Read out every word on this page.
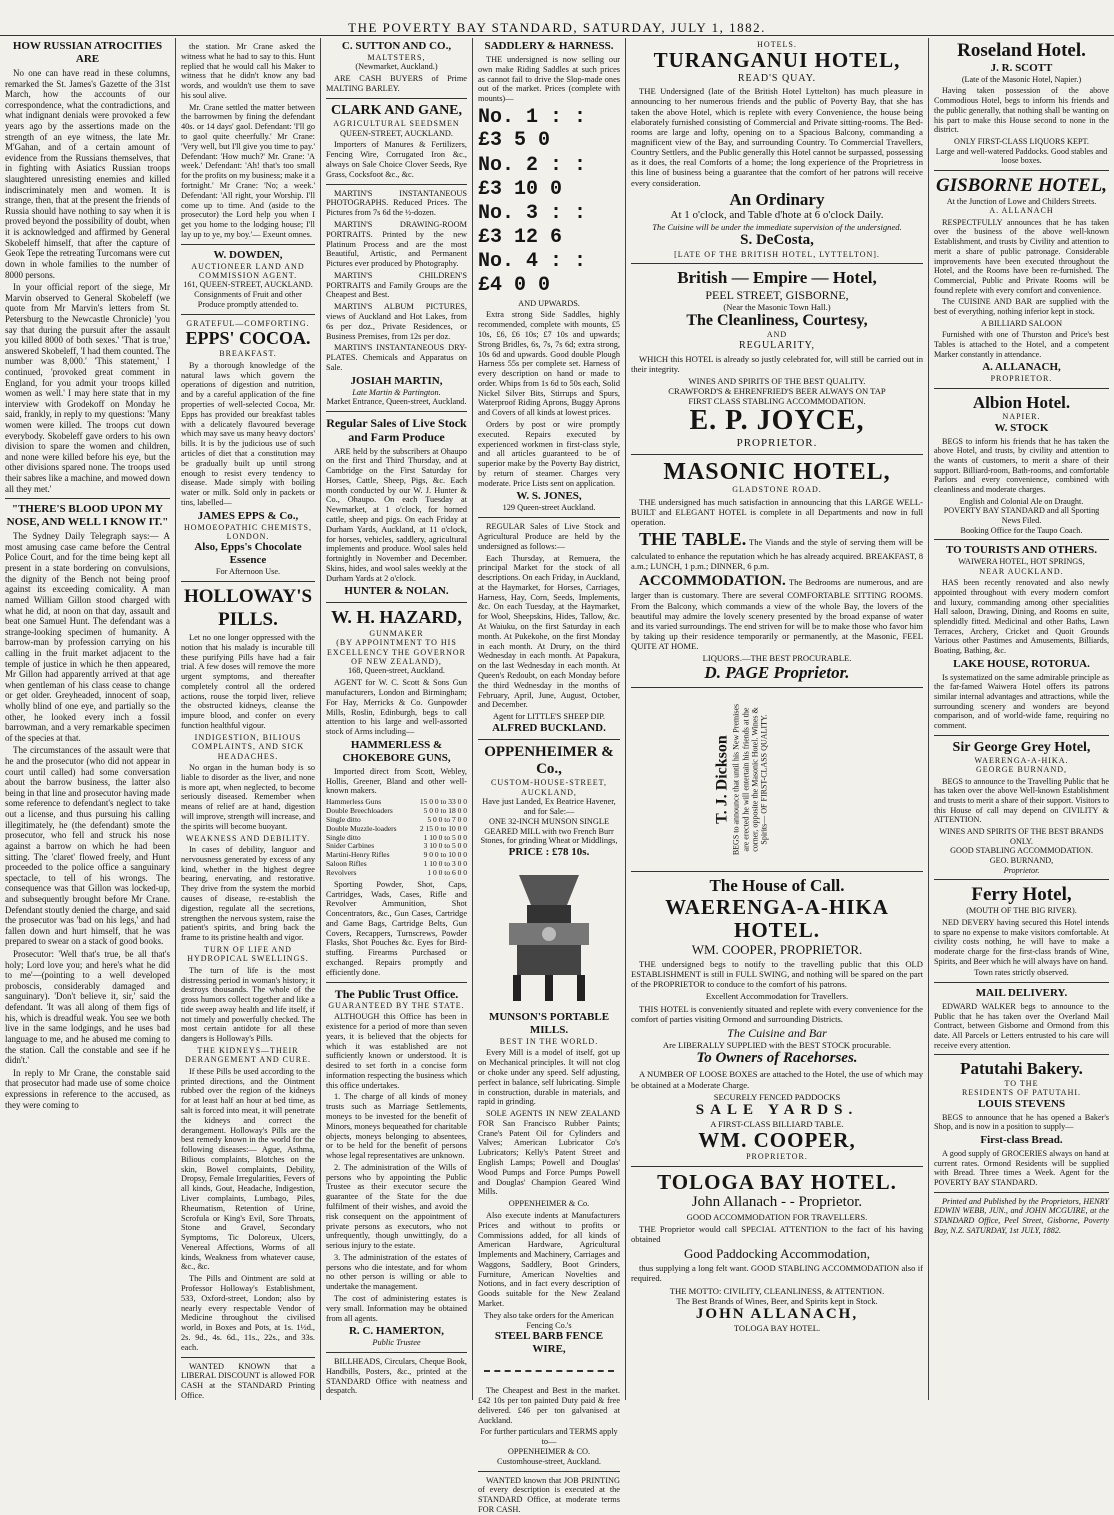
THE POVERTY BAY STANDARD, SATURDAY, JULY 1, 1882.
HOW RUSSIAN ATROCITIES ARE

No one can have read in these columns, remarked the St. James's Gazette of the 31st March, how the accounts of our correspondence, what the contradictions, and what indignant denials were provoked a few years ago by the assertions made on the strength of an eye witness, the late Mr. M'Gahan, and of a certain amount of evidence from the Russians themselves, that in fighting with Asiatics Russian troops slaughtered unresisting enemies and killed indiscriminately men and women. It is strange, then, that at the present the friends of Russia should have nothing to say when it is proved beyond the possibility of doubt, when it is acknowledged and affirmed by General Skobeleff himself, that after the capture of Geok Tepe the retreating Turcomans were cut down in whole families to the number of 8000 persons.

In your official report of the siege, Mr Marvin observed to General Skobeleff (we quote from Mr Marvin's letters from St. Petersburg to the Newcastle Chronicle) 'you say that during the pursuit after the assault you killed 8000 of both sexes.' 'That is true,' answered Skobeleff, 'I had them counted. The number was 8,000.' 'This statement,' I continued, 'provoked great comment in England, for you admit your troops killed women as well.' I may here state that in my interview with Grodekoff on Monday he said, frankly, in reply to my questions: 'Many women were killed. The troops cut down everybody. Skobeleff gave orders to his own division to spare the women and children, and none were killed before his eye, but the other divisions spared none. The troops used their sabres like a machine, and mowed down all they met.'

"THERE'S BLOOD UPON MY NOSE, AND WELL I KNOW IT."

The Sydney Daily Telegraph says:— A most amusing case came before the Central Police Court, and for the time being kept all present in a state bordering on convulsions, the dignity of the Bench not being proof against its exceeding comicality. A man named William Gillon stood charged with what he did, at noon on that day, assault and beat one Samuel Hunt. The defendant was a strange-looking specimen of humanity. A barrow-man by profession carrying on his calling in the fruit market adjacent to the temple of justice in which he then appeared, Mr Gillon had apparently arrived at that age when gentleman of his class cease to change or get older. Greyheaded, innocent of soap, wholly blind of one eye, and partially so the other, he looked every inch a fossil barrowman, and a very remarkable specimen of the species at that.

The circumstances of the assault were that he and the prosecutor (who did not appear in court until called) had some conversation about the barrow business, the latter also being in that line and prosecutor having made some reference to defendant's neglect to take out a license, and thus pursuing his calling illegitimately, he (the defendant) smote the prosecutor, who fell and struck his nose against a barrow on which he had been sitting. The 'claret' flowed freely, and Hunt proceeded to the police office a sanguinary spectacle, to tell of his wrongs. The consequence was that Gillon was locked-up, and subsequently brought before Mr Crane. Defendant stoutly denied the charge, and said the prosecutor was 'bad on his legs,' and had fallen down and hurt himself, that he was prepared to swear on a stack of good books.

Prosecutor: 'Well that's true, be all that's holy; Lord love you; and here's what he did to me'—(pointing to a well developed proboscis, considerably damaged and sanguinary). 'Don't believe it, sir,' said the defendant. 'It was all along of them figs of his, which is dreadful weak. You see we both live in the same lodgings, and he uses bad language to me, and he abused me coming to the station. Call the constable and see if he didn't.'

In reply to Mr Crane, the constable said that prosecutor had made use of some choice expressions in reference to the accused, as they were coming to

the station. Mr Crane asked the witness what he had to say to this. Hunt replied that he would call his Maker to witness that he didn't know any bad words, and wouldn't use them to save his soul alive.

Mr. Crane settled the matter between the barrowmen by fining the defendant 40s. or 14 days' gaol. Defendant: 'I'll go to gaol quite cheerfully.' Mr Crane: 'Very well, but I'll give you time to pay.' Defendant: 'How much?' Mr. Crane: 'A week.' Defendant: 'Ah! that's too small for the profits on my business; make it a fortnight.' Mr Crane: 'No; a week.' Defendant: 'All right, your Worship. I'll come up to time. And (aside to the prosecutor) the Lord help you when I get you home to the lodging house; I'll lay up to ye, my boy.'— Exeunt omnes.

W. DOWDEN,
AUCTIONEER LAND AND COMMISSION AGENT.
161, QUEEN-STREET, AUCKLAND.
Consignments of Fruit and other Produce promptly attended to.
GRATEFUL—COMFORTING.
EPPS' COCOA.
BREAKFAST.

By a thorough knowledge of the natural laws which govern the operations of digestion and nutrition, and by a careful application of the fine properties of well-selected Cocoa, Mr. Epps has provided our breakfast tables with a delicately flavoured beverage which may save us many heavy doctors' bills. It is by the judicious use of such articles of diet that a constitution may be gradually built up until strong enough to resist every tendency to disease. Made simply with boiling water or milk. Sold only in packets or tins, labelled—

JAMES EPPS & Co.,
HOMOEOPATHIC CHEMISTS, LONDON.
Also, Epps's Chocolate Essence
For Afternoon Use.
HOLLOWAY'S PILLS.

Let no one longer oppressed with the notion that his malady is incurable till these purifying Pills have had a fair trial. A few doses will remove the more urgent symptoms, and thereafter completely control all the ordered actions, rouse the torpid liver, relieve the obstructed kidneys, cleanse the impure blood, and confer on every function healthful vigour.

INDIGESTION, BILIOUS COMPLAINTS, AND SICK HEADACHES.

No organ in the human body is so liable to disorder as the liver, and none is more apt, when neglected, to become seriously diseased. Remember when means of relief are at hand, digestion will improve, strength will increase, and the spirits will become buoyant.

WEAKNESS AND DEBILITY.

In cases of debility, languor and nervousness generated by excess of any kind, whether in the highest degree bearing, enervating, and restorative. They drive from the system the morbid causes of disease, re-establish the digestion, regulate all the secretions, strengthen the nervous system, raise the patient's spirits, and bring back the frame to its pristine health and vigor.

TURN OF LIFE AND HYDROPICAL SWELLINGS.

The turn of life is the most distressing period in woman's history; it destroys thousands. The whole of the gross humors collect together and like a tide sweep away health and life itself, if not timely and powerfully checked. The most certain antidote for all these dangers is Holloway's Pills.

THE KIDNEYS—THEIR DERANGEMENT AND CURE.

If these Pills be used according to the printed directions, and the Ointment rubbed over the region of the kidneys for at least half an hour at bed time, as salt is forced into meat, it will penetrate the kidneys and correct the derangement. Holloway's Pills are the best remedy known in the world for the following diseases:— Ague, Asthma, Bilious complaints, Blotches on the skin, Bowel complaints, Debility, Dropsy, Female Irregularities, Fevers of all kinds, Gout, Headache, Indigestion, Liver complaints, Lumbago, Piles, Rheumatism, Retention of Urine, Scrofula or King's Evil, Sore Throats, Stone and Gravel, Secondary Symptoms, Tic Doloreux, Ulcers, Venereal Affections, Worms of all kinds, Weakness from whatever cause, &c., &c.

The Pills and Ointment are sold at Professor Holloway's Establishment, 533, Oxford-street, London; also by nearly every respectable Vendor of Medicine throughout the civilised world, in Boxes and Pots, at 1s. 1½d., 2s. 9d., 4s. 6d., 11s., 22s., and 33s. each.

WANTED KNOWN that a LIBERAL DISCOUNT is allowed FOR CASH at the STANDARD Printing Office.

C. SUTTON AND CO.,
MALTSTERS,
(Newmarket, Auckland.)

ARE CASH BUYERS of Prime MALTING BARLEY.

CLARK AND GANE,
AGRICULTURAL SEEDSMEN
QUEEN-STREET, AUCKLAND.

Importers of Manures & Fertilizers, Fencing Wire, Corrugated Iron &c., always on Sale Choice Clover Seeds, Rye Grass, Cocksfoot &c., &c.

MARTIN'S INSTANTANEOUS PHOTOGRAPHS. Reduced Prices. The Pictures from 7s 6d the ½-dozen.

MARTIN'S DRAWING-ROOM PORTRAITS. Printed by the new Platinum Process and are the most Beautiful, Artistic, and Permanent Pictures ever produced by Photography.

MARTIN'S CHILDREN'S PORTRAITS and Family Groups are the Cheapest and Best.

MARTIN'S ALBUM PICTURES, views of Auckland and Hot Lakes, from 6s per doz., Private Residences, or Business Premises, from 12s per doz.

MARTIN'S INSTANTANEOUS DRY-PLATES. Chemicals and Apparatus on Sale.

JOSIAH MARTIN,
Late Martin & Partington.
Market Entrance, Queen-street, Auckland.
Regular Sales of Live Stock and Farm Produce

ARE held by the subscribers at Ohaupo on the first and Third Thursday, and at Cambridge on the First Saturday for Horses, Cattle, Sheep, Pigs, &c. Each month conducted by our W. J. Hunter & Co., Ohaupo. On each Tuesday at Newmarket, at 1 o'clock, for horned cattle, sheep and pigs. On each Friday at Durham Yards, Auckland, at 11 o'clock, for horses, vehicles, saddlery, agricultural implements and produce. Wool sales held fortnightly in November and December. Skins, hides, and wool sales weekly at the Durham Yards at 2 o'clock.

HUNTER & NOLAN.
W. H. HAZARD,
GUNMAKER
(BY APPOINTMENT TO HIS EXCELLENCY THE GOVERNOR OF NEW ZEALAND),
168, Queen-street, Auckland.

AGENT for W. C. Scott & Sons Gun manufacturers, London and Birmingham; For Hay, Merricks & Co. Gunpowder Mills, Roslin, Edinburgh, begs to call attention to his large and well-assorted stock of Arms including—

HAMMERLESS & CHOKEBORE GUNS,

Imported direct from Scott, Webley, Hollis, Greener, Bland and other well-known makers.

Hammerless Guns	15 0 0 to 33 0 0
Double Breechloaders	5 0 0 to 18 0 0
Single ditto	5 0 0 to 7 0 0
Double Muzzle-loaders	2 15 0 to 10 0 0
Single ditto	1 10 0 to 5 0 0
Snider Carbines	3 10 0 to 5 0 0
Martini-Henry Rifles	9 0 0 to 10 0 0
Saloon Rifles	1 10 0 to 3 0 0
Revolvers	1 0 0 to 6 0 0

Sporting Powder, Shot, Caps, Cartridges, Wads, Cases, Rifle and Revolver Ammunition, Shot Concentrators, &c., Gun Cases, Cartridge and Game Bags, Cartridge Belts, Gun Covers, Recappers, Turnscrews, Powder Flasks, Shot Pouches &c. Eyes for Bird-stuffing. Firearms Purchased or exchanged. Repairs promptly and efficiently done.

The Public Trust Office.
GUARANTEED BY THE STATE.

ALTHOUGH this Office has been in existence for a period of more than seven years, it is believed that the objects for which it was established are not sufficiently known or understood. It is desired to set forth in a concise form information respecting the business which this office undertakes.

1. The charge of all kinds of money trusts such as Marriage Settlements, moneys to be invested for the benefit of Minors, moneys bequeathed for charitable objects, moneys belonging to absentees, or to be held for the benefit of persons whose legal representatives are unknown.

2. The administration of the Wills of persons who by appointing the Public Trustee as their executor secure the guarantee of the State for the due fulfilment of their wishes, and avoid the risk consequent on the appointment of private persons as executors, who not unfrequently, though unwittingly, do a serious injury to the estate.

3. The administration of the estates of persons who die intestate, and for whom no other person is willing or able to undertake the management.

The cost of administering estates is very small. Information may be obtained from all agents.

R. C. HAMERTON,
Public Trustee

BILLHEADS, Circulars, Cheque Book, Handbills, Posters, &c., printed at the STANDARD Office with neatness and despatch.

SADDLERY & HARNESS.

THE undersigned is now selling our own make Riding Saddles at such prices as cannot fail to drive the Slop-made ones out of the market. Prices (complete with mounts)—

No. 1 : : £3 5 0
No. 2 : : £3 10 0
No. 3 : : £3 12 6
No. 4 : : £4 0 0
AND UPWARDS.

Extra strong Side Saddles, highly recommended, complete with mounts, £5 10s, £6, £6 10s; £7 10s and upwards; Strong Bridles, 6s, 7s, 7s 6d; extra strong, 10s 6d and upwards. Good double Plough Harness 55s per complete set. Harness of every description on hand or made to order. Whips from 1s 6d to 50s each, Solid Nickel Silver Bits, Stirrups and Spurs, Waterproof Riding Aprons, Buggy Aprons and Covers of all kinds at lowest prices.

Orders by post or wire promptly executed. Repairs executed by experienced workmen in first-class style, and all articles guaranteed to be of superior make by the Poverty Bay district, by return of steamer. Charges very moderate. Price Lists sent on application.

W. S. JONES,
129 Queen-street Auckland.

REGULAR Sales of Live Stock and Agricultural Produce are held by the undersigned as follows:—

Each Thursday, at Remuera, the principal Market for the stock of all descriptions. On each Friday, in Auckland, at the Haymarket, for Horses, Carriages, Harness, Hay, Corn, Seeds, Implements, &c. On each Tuesday, at the Haymarket, for Wool, Sheepskins, Hides, Tallow, &c. At Waiuku, on the first Saturday in each month. At Pukekohe, on the first Monday in each month. At Drury, on the third Wednesday in each month. At Papakura, on the last Wednesday in each month. At Queen's Redoubt, on each Monday before the third Wednesday in the months of February, April, June, August, October, and December.

Agent for LITTLE'S SHEEP DIP.
ALFRED BUCKLAND.
OPPENHEIMER & Co.,
CUSTOM-HOUSE-STREET,
AUCKLAND,
Have just Landed, Ex Beatrice Havener, and for Sale:—
ONE 32-INCH MUNSON SINGLE GEARED MILL with two French Burr Stones, for grinding Wheat or Middlings,
PRICE : £78 10s.
MUNSON'S PORTABLE MILLS.
BEST IN THE WORLD.

Every Mill is a model of itself, got up on Mechanical principles. It will not clog or choke under any speed. Self adjusting, perfect in balance, self lubricating. Simple in construction, durable in materials, and rapid in grinding.

SOLE AGENTS IN NEW ZEALAND FOR San Francisco Rubber Paints; Crane's Patent Oil for Cylinders and Valves; American Lubricator Co's Lubricators; Kelly's Patent Street and English Lamps; Powell and Douglas' Wood Pumps and Force Pumps Powell and Douglas' Champion Geared Wind Mills.

OPPENHEIMER & Co.

Also execute indents at Manufacturers Prices and without to profits or Commissions added, for all kinds of American Hardware, Agricultural Implements and Machinery, Carriages and Waggons, Saddlery, Boot Grinders, Furniture, American Novelties and Notions, and in fact every description of Goods suitable for the New Zealand Market.

They also take orders for the American Fencing Co.'s
STEEL BARB FENCE WIRE,

The Cheapest and Best in the market. £42 10s per ton painted Duty paid & free delivered. £46 per ton galvanised at Auckland.

For further particulars and TERMS apply to—
OPPENHEIMER & CO.
Customhouse-street, Auckland.

WANTED known that JOB PRINTING of every description is executed at the STANDARD Office, at moderate terms FOR CASH.

HOTELS.
TURANGANUI HOTEL,
READ'S QUAY.

THE Undersigned (late of the British Hotel Lyttelton) has much pleasure in announcing to her numerous friends and the public of Poverty Bay, that she has taken the above Hotel, which is replete with every Convenience, the house being elaborately furnished consisting of Commercial and Private sitting-rooms. The Bed-rooms are large and lofty, opening on to a Spacious Balcony, commanding a magnificent view of the Bay, and surrounding Country. To Commercial Travellers, Country Settlers, and the Public generally this Hotel cannot be surpassed, possessing as it does, the real Comforts of a home; the long experience of the Proprietress in this line of business being a guarantee that the comfort of her patrons will receive every consideration.

An Ordinary
At 1 o'clock, and Table d'hote at 6 o'clock Daily.
The Cuisine will be under the immediate supervision of the undersigned.
S. DeCosta,
[LATE OF THE BRITISH HOTEL, LYTTELTON].
British — Empire — Hotel,
PEEL STREET, GISBORNE,
(Near the Masonic Town Hall.)
The Cleanliness, Courtesy,
AND
REGULARITY,

WHICH this HOTEL is already so justly celebrated for, will still be carried out in their integrity.

WINES AND SPIRITS OF THE BEST QUALITY.
CRAWFORD'S & EHRENFRIED'S BEER ALWAYS ON TAP
FIRST CLASS STABLING ACCOMMODATION.
E. P. JOYCE,
PROPRIETOR.
MASONIC HOTEL,
GLADSTONE ROAD.

THE undersigned has much satisfaction in announcing that this LARGE WELL-BUILT and ELEGANT HOTEL is complete in all Departments and now in full operation.

THE TABLE. The Viands and the style of serving them will be calculated to enhance the reputation which he has already acquired. BREAKFAST, 8 a.m.; LUNCH, 1 p.m.; DINNER, 6 p.m.

ACCOMMODATION. The Bedrooms are numerous, and are larger than is customary. There are several COMFORTABLE SITTING ROOMS. From the Balcony, which commands a view of the whole Bay, the lovers of the beautiful may admire the lovely scenery presented by the broad expanse of water and its varied surroundings. The end striven for will be to make those who favor him by taking up their residence temporarily or permanently, at the Masonic, FEEL QUITE AT HOME.

LIQUORS.—THE BEST PROCURABLE.
D. PAGE Proprietor.
T. J. Dickson BEGS to announce that until his New Premises are erected he will entertain his friends at the corner, opposite the Masonic Hotel. Wines & Spirits— OF FIRST-CLASS QUALITY.
The House of Call.
WAERENGA-A-HIKA HOTEL.
WM. COOPER, PROPRIETOR.

THE undersigned begs to notify to the travelling public that this OLD ESTABLISHMENT is still in FULL SWING, and nothing will be spared on the part of the PROPRIETOR to conduce to the comfort of his patrons.

Excellent Accommodation for Travellers.

THIS HOTEL is conveniently situated and replete with every convenience for the comfort of parties visiting Ormond and surrounding Districts.

The Cuisine and Bar
Are LIBERALLY SUPPLIED with the BEST STOCK procurable.
To Owners of Racehorses.

A NUMBER OF LOOSE BOXES are attached to the Hotel, the use of which may be obtained at a Moderate Charge.

SECURELY FENCED PADDOCKS
SALE YARDS.
A FIRST-CLASS BILLIARD TABLE.
WM. COOPER,
PROPRIETOR.
TOLOGA BAY HOTEL.
John Allanach - - Proprietor.
GOOD ACCOMMODATION FOR TRAVELLERS.

THE Proprietor would call SPECIAL ATTENTION to the fact of his having obtained

Good Paddocking Accommodation,

thus supplying a long felt want. GOOD STABLING ACCOMMODATION also if required.

THE MOTTO: CIVILITY, CLEANLINESS, & ATTENTION.
The Best Brands of Wines, Beer, and Spirits kept in Stock.
JOHN ALLANACH,
TOLOGA BAY HOTEL.
Roseland Hotel.
J. R. SCOTT
(Late of the Masonic Hotel, Napier.)

Having taken possession of the above Commodious Hotel, begs to inform his friends and the public generally, that nothing shall be wanting on his part to make this House second to none in the district.

ONLY FIRST-CLASS LIQUORS KEPT.
Large and well-watered Paddocks. Good stables and loose boxes.
GISBORNE HOTEL,
At the Junction of Lowe and Childers Streets.
A. ALLANACH

RESPECTFULLY announces that he has taken over the business of the above well-known Establishment, and trusts by Civility and attention to merit a share of public patronage. Considerable improvements have been executed throughout the Hotel, and the Rooms have been re-furnished. The Commercial, Public and Private Rooms will be found replete with every comfort and convenience.

The CUISINE AND BAR are supplied with the best of everything, nothing inferior kept in stock.

A BILLIARD SALOON

Furnished with one of Thurston and Price's best Tables is attached to the Hotel, and a competent Marker constantly in attendance.

A. ALLANACH,
PROPRIETOR.
Albion Hotel.
NAPIER.
W. STOCK

BEGS to inform his friends that he has taken the above Hotel, and trusts, by civility and attention to the wants of customers, to merit a share of their support. Billiard-room, Bath-rooms, and comfortable Parlors and every convenience, combined with cleanliness and moderate charges.

English and Colonial Ale on Draught.
POVERTY BAY STANDARD and all Sporting News Filed.
Booking Office for the Taupo Coach.
TO TOURISTS AND OTHERS.
WAIWERA HOTEL, HOT SPRINGS,
NEAR AUCKLAND.

HAS been recently renovated and also newly appointed throughout with every modern comfort and luxury, commanding among other specialities Hall saloon, Drawing, Dining, and Rooms en suite, splendidly fitted. Medicinal and other Baths, Lawn Terraces, Archery, Cricket and Quoit Grounds Various other Pastimes and Amusements, Billiards, Boating, Bathing, &c.

LAKE HOUSE, ROTORUA.

Is systematized on the same admirable principle as the far-famed Waiwera Hotel offers its patrons similar internal advantages and attractions, while the surrounding scenery and wonders are beyond comparison, and of world-wide fame, requiring no comment.

Sir George Grey Hotel,
WAERENGA-A-HIKA.
GEORGE BURNAND,

BEGS to announce to the Travelling Public that he has taken over the above Well-known Establishment and trusts to merit a share of their support. Visitors to this House of call may depend on CIVILITY & ATTENTION.

WINES AND SPIRITS OF THE BEST BRANDS ONLY.
GOOD STABLING ACCOMMODATION.
GEO. BURNAND,
Proprietor.
Ferry Hotel,
(MOUTH OF THE BIG RIVER).

NED DEVERY having secured this Hotel intends to spare no expense to make visitors comfortable. At civility costs nothing, he will have to make a moderate charge for the first-class brands of Wine, Spirits, and Beer which he will always have on hand.

Town rates strictly observed.
MAIL DELIVERY.

EDWARD WALKER begs to announce to the Public that he has taken over the Overland Mail Contract, between Gisborne and Ormond from this date. All Parcels or Letters entrusted to his care will receive every attention.

Patutahi Bakery.
TO THE
RESIDENTS OF PATUTAHI.
LOUIS STEVENS

BEGS to announce that he has opened a Baker's Shop, and is now in a position to supply—

First-class Bread.

A good supply of GROCERIES always on hand at current rates. Ormond Residents will be supplied with Bread. Three times a Week. Agent for the POVERTY BAY STANDARD.

Printed and Published by the Proprietors, HENRY EDWIN WEBB, JUN., and JOHN MCGUIRE, at the STANDARD Office, Peel Street, Gisborne, Poverty Bay, N.Z. SATURDAY, 1st JULY, 1882.
